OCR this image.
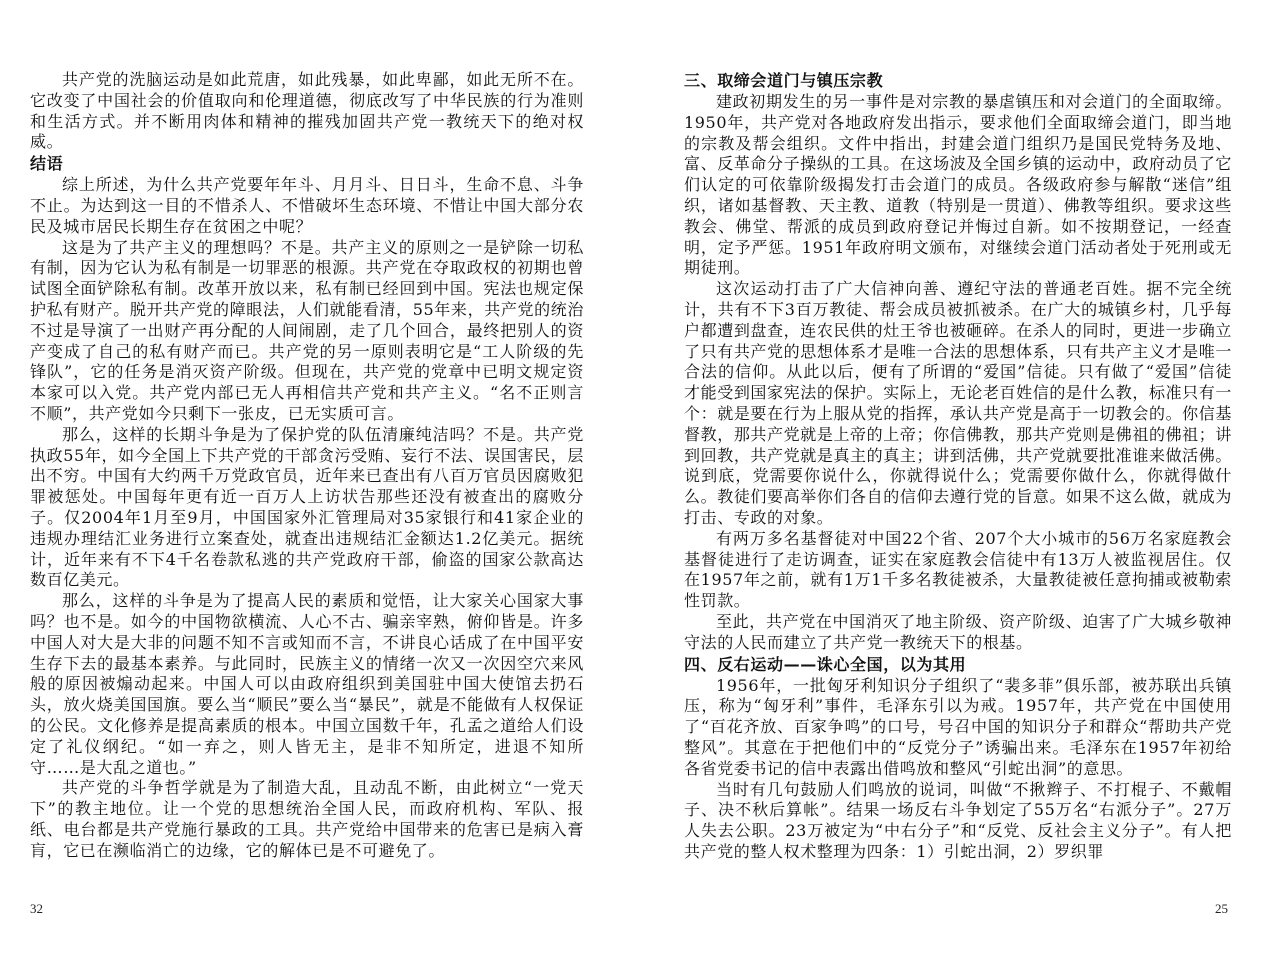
共产党的洗脑运动是如此荒唐，如此残暴，如此卑鄙，如此无所不在。它改变了中国社会的价值取向和伦理道德，彻底改写了中华民族的行为准则和生活方式。并不断用肉体和精神的摧残加固共产党一教统天下的绝对权威。

结语

综上所述，为什么共产党要年年斗、月月斗、日日斗，生命不息、斗争不止。为达到这一目的不惜杀人、不惜破坏生态环境、不惜让中国大部分农民及城市居民长期生存在贫困之中呢？

这是为了共产主义的理想吗？不是。共产主义的原则之一是铲除一切私有制，因为它认为私有制是一切罪恶的根源。共产党在夺取政权的初期也曾试图全面铲除私有制。改革开放以来，私有制已经回到中国。宪法也规定保护私有财产。脱开共产党的障眼法，人们就能看清，55年来，共产党的统治不过是导演了一出财产再分配的人间闹剧，走了几个回合，最终把别人的资产变成了自己的私有财产而已。共产党的另一原则表明它是“工人阶级的先锋队”，它的任务是消灭资产阶级。但现在，共产党的党章中已明文规定资本家可以入党。共产党内部已无人再相信共产党和共产主义。“名不正则言不顺”，共产党如今只剩下一张皮，已无实质可言。

那么，这样的长期斗争是为了保护党的队伍清廉纯洁吗？不是。共产党执政55年，如今全国上下共产党的干部贪污受贿、妄行不法、误国害民，层出不穷。中国有大约两千万党政官员，近年来已查出有八百万官员因腐败犯罪被惩处。中国每年更有近一百万人上访状告那些还没有被查出的腐败分子。仅2004年1月至9月，中国国家外汇管理局对35家银行和41家企业的违规办理结汇业务进行立案查处，就查出违规结汇金额达1.2亿美元。据统计，近年来有不下4千名卷款私逃的共产党政府干部，偷盗的国家公款高达数百亿美元。

那么，这样的斗争是为了提高人民的素质和觉悟，让大家关心国家大事吗？也不是。如今的中国物欲横流、人心不古、骗亲宰熟，俯仰皆是。许多中国人对大是大非的问题不知不言或知而不言，不讲良心话成了在中国平安生存下去的最基本素养。与此同时，民族主义的情绪一次又一次因空穴来风般的原因被煽动起来。中国人可以由政府组织到美国驻中国大使馆去扔石头，放火烧美国国旗。要么当“顺民”要么当“暴民”，就是不能做有人权保证的公民。文化修养是提高素质的根本。中国立国数千年，孔孟之道给人们设定了礼仪纲纪。“如一弃之，则人皆无主，是非不知所定，进退不知所守……是大乱之道也。”

共产党的斗争哲学就是为了制造大乱，且动乱不断，由此树立“一党天下”的教主地位。让一个党的思想统治全国人民，而政府机构、军队、报纸、电台都是共产党施行暴政的工具。共产党给中国带来的危害已是病入膏肓，它已在濒临消亡的边缘，它的解体已是不可避免了。

32

三、取缔会道门与镇压宗教

建政初期发生的另一事件是对宗教的暴虐镇压和对会道门的全面取缔。1950年，共产党对各地政府发出指示，要求他们全面取缔会道门，即当地的宗教及帮会组织。文件中指出，封建会道门组织乃是国民党特务及地、富、反革命分子操纵的工具。在这场波及全国乡镇的运动中，政府动员了它们认定的可依靠阶级揭发打击会道门的成员。各级政府参与解散“迷信”组织，诸如基督教、天主教、道教（特别是一贯道）、佛教等组织。要求这些教会、佛堂、帮派的成员到政府登记并悔过自新。如不按期登记，一经查明，定予严惩。1951年政府明文颁布，对继续会道门活动者处于死刑或无期徒刑。

这次运动打击了广大信神向善、遵纪守法的普通老百姓。据不完全统计，共有不下3百万教徒、帮会成员被抓被杀。在广大的城镇乡村，几乎每户都遭到盘查，连农民供的灶王爷也被砸碎。在杀人的同时，更进一步确立了只有共产党的思想体系才是唯一合法的思想体系，只有共产主义才是唯一合法的信仰。从此以后，便有了所谓的“爱国”信徒。只有做了“爱国”信徒才能受到国家宪法的保护。实际上，无论老百姓信的是什么教，标准只有一个：就是要在行为上服从党的指挥，承认共产党是高于一切教会的。你信基督教，那共产党就是上帝的上帝；你信佛教，那共产党则是佛祖的佛祖；讲到回教，共产党就是真主的真主；讲到活佛，共产党就要批准谁来做活佛。说到底，党需要你说什么，你就得说什么；党需要你做什么，你就得做什么。教徒们要高举你们各自的信仰去遵行党的旨意。如果不这么做，就成为打击、专政的对象。

有两万多名基督徒对中国22个省、207个大小城市的56万名家庭教会基督徒进行了走访调查，证实在家庭教会信徒中有13万人被监视居住。仅在1957年之前，就有1万1千多名教徒被杀，大量教徒被任意拘捕或被勒索性罚款。

至此，共产党在中国消灭了地主阶级、资产阶级、迫害了广大城乡敬神守法的人民而建立了共产党一教统天下的根基。

四、反右运动——诛心全国，以为其用

1956年，一批匈牙利知识分子组织了“裴多菲”俱乐部，被苏联出兵镇压，称为“匈牙利”事件，毛泽东引以为戒。1957年，共产党在中国使用了“百花齐放、百家争鸣”的口号，号召中国的知识分子和群众“帮助共产党整风”。其意在于把他们中的“反党分子”诱骗出来。毛泽东在1957年初给各省党委书记的信中表露出借鸣放和整风“引蛇出洞”的意思。

当时有几句鼓励人们鸣放的说词，叫做“不揪辫子、不打棍子、不戴帽子、决不秋后算帐”。结果一场反右斗争划定了55万名“右派分子”。27万人失去公职。23万被定为“中右分子”和“反党、反社会主义分子”。有人把共产党的整人权术整理为四条：1）引蛇出洞，2）罗织罪

25
